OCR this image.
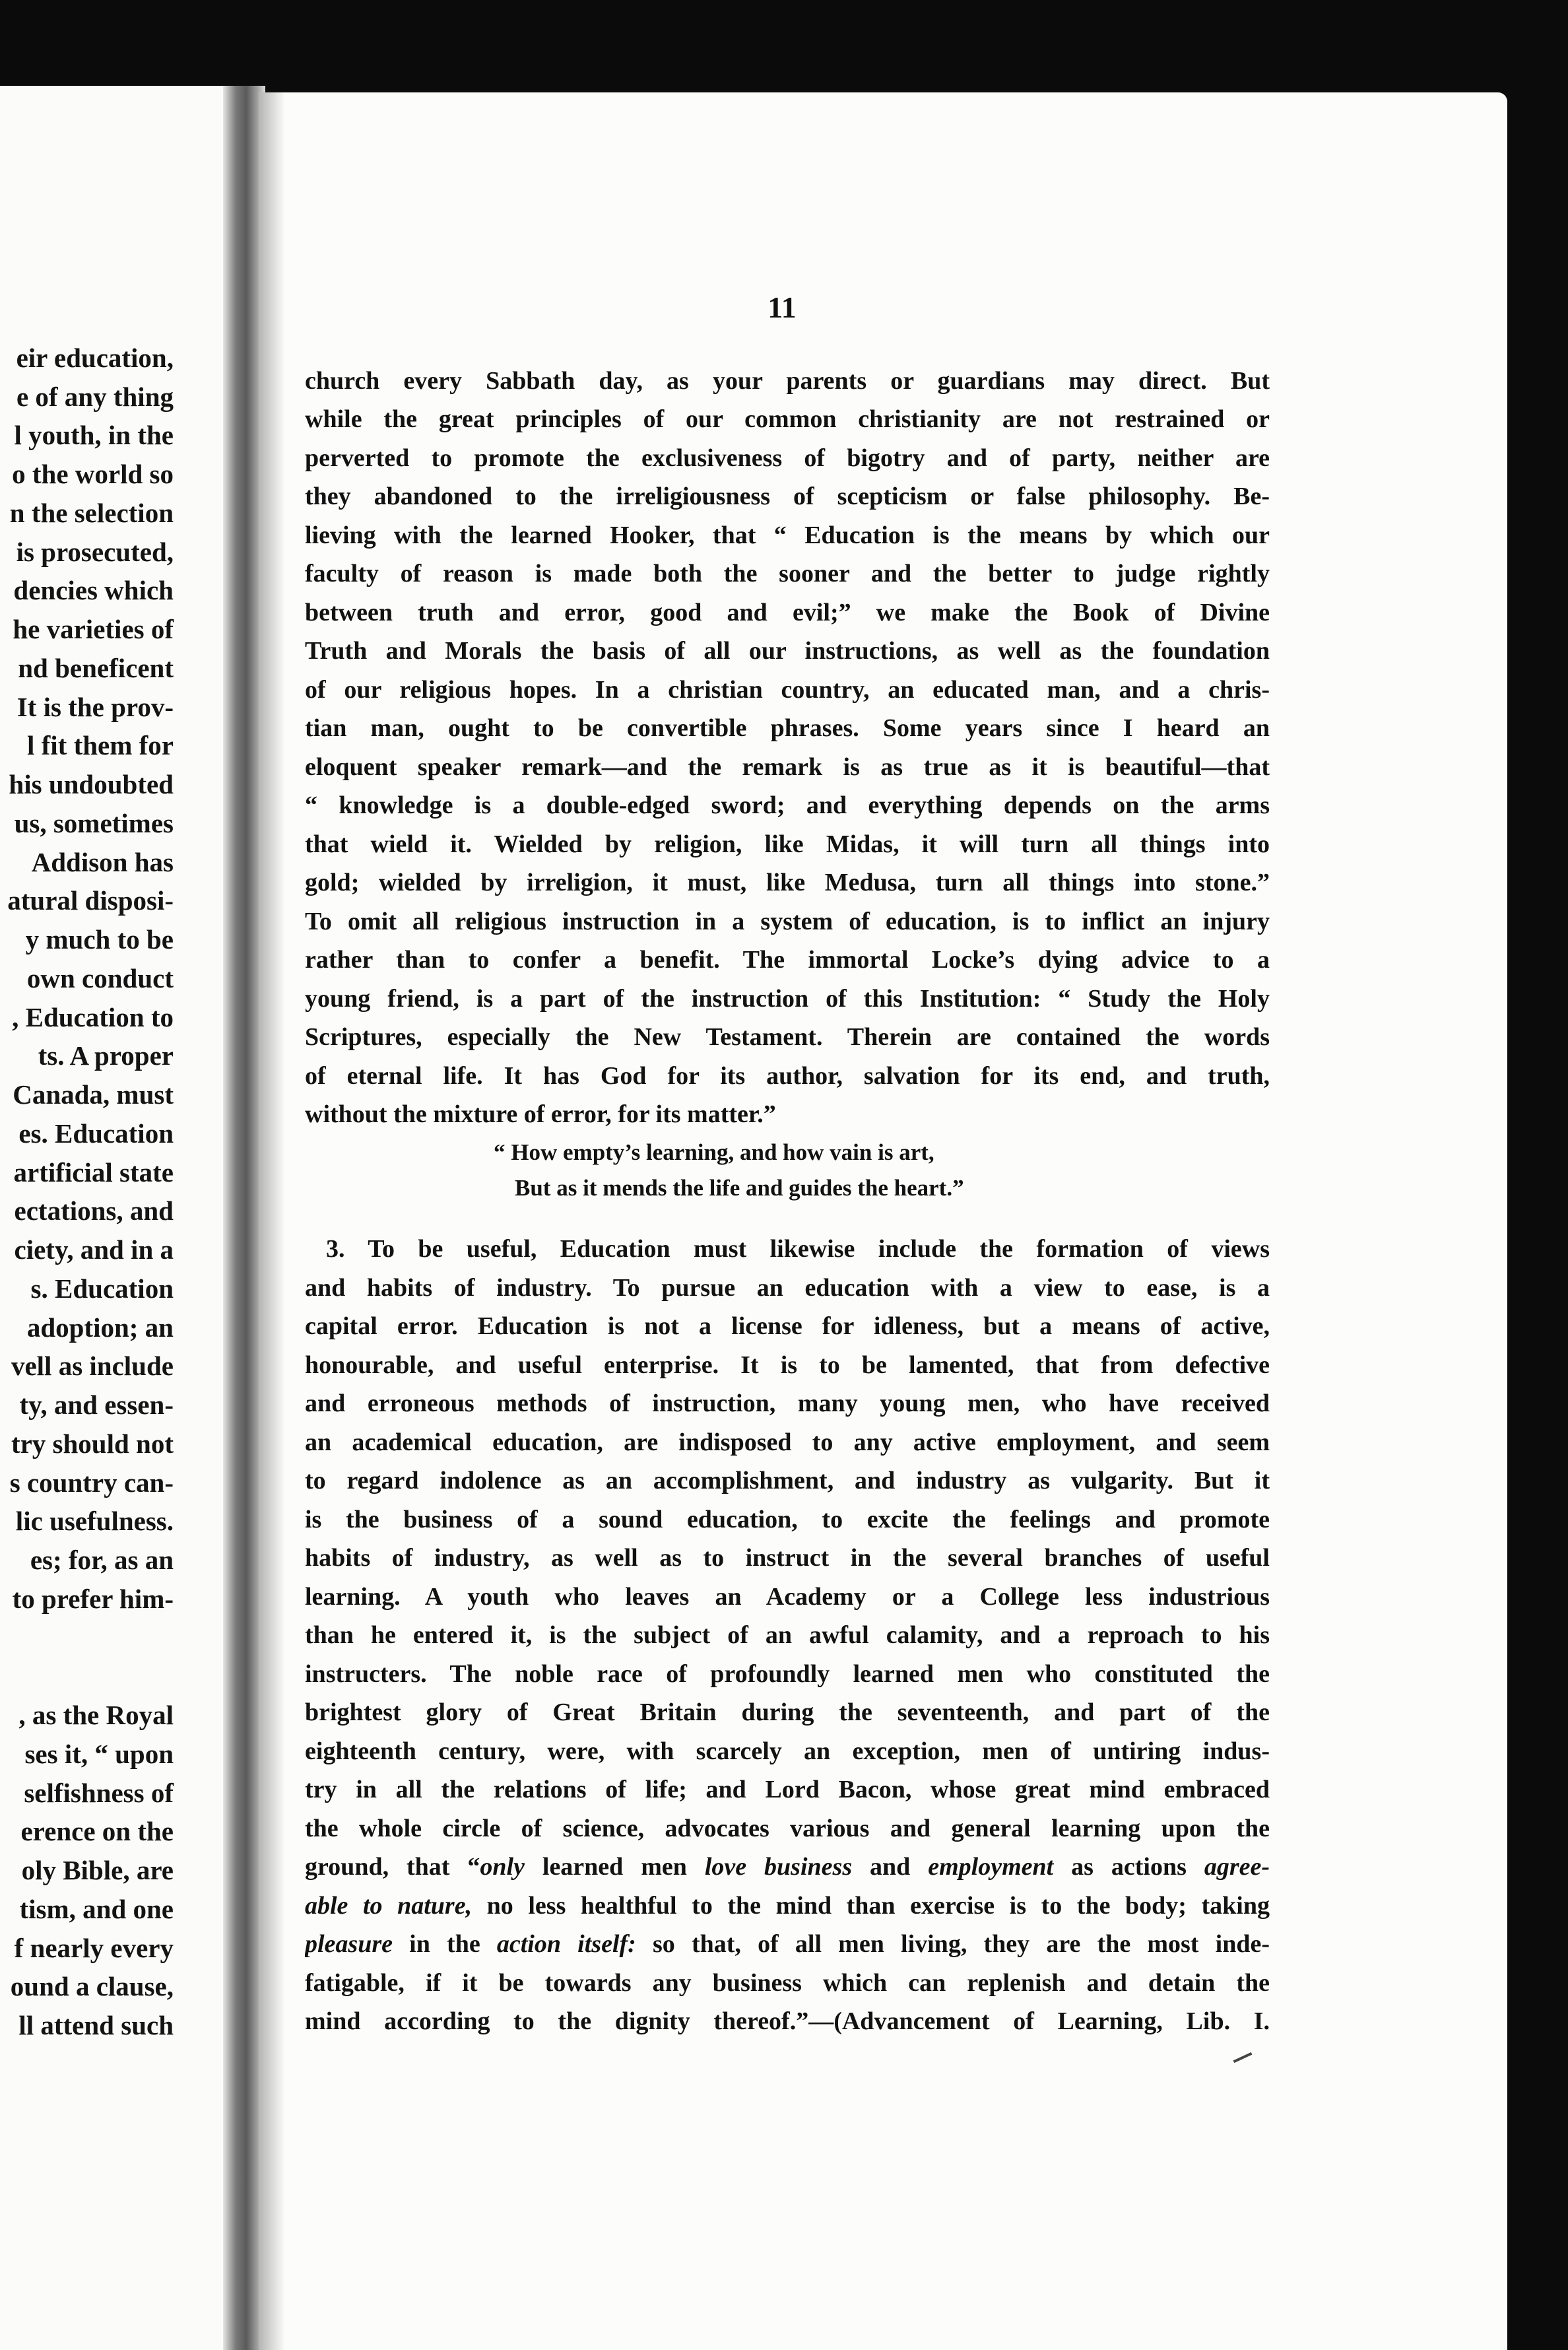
eir education,

e of any thing

l youth, in the

o the world so

n the selection

is prosecuted,

dencies which

he varieties of

nd beneficent

It is the prov-

l fit them for

his undoubted

us, sometimes

Addison has

atural disposi-

y much to be

own conduct

, Education to

ts. A proper

Canada, must

es. Education

artificial state

ectations, and

ciety, and in a

s. Education

adoption; an

vell as include

ty, and essen-

try should not

s country can-

lic usefulness.

es; for, as an

to prefer him-

, as the Royal

ses it, “ upon

selfishness of

erence on the

oly Bible, are

tism, and one

f nearly every

ound a clause,

ll attend such

11

church every Sabbath day, as your parents or guardians may direct. But
while the great principles of our common christianity are not restrained or
perverted to promote the exclusiveness of bigotry and of party, neither are
they abandoned to the irreligiousness of scepticism or false philosophy. Be-
lieving with the learned Hooker, that “ Education is the means by which our
faculty of reason is made both the sooner and the better to judge rightly
between truth and error, good and evil;” we make the Book of Divine
Truth and Morals the basis of all our instructions, as well as the foundation
of our religious hopes. In a christian country, an educated man, and a chris-
tian man, ought to be convertible phrases. Some years since I heard an
eloquent speaker remark—and the remark is as true as it is beautiful—that
“ knowledge is a double-edged sword; and everything depends on the arms
that wield it. Wielded by religion, like Midas, it will turn all things into
gold; wielded by irreligion, it must, like Medusa, turn all things into stone.”
To omit all religious instruction in a system of education, is to inflict an injury
rather than to confer a benefit. The immortal Locke’s dying advice to a
young friend, is a part of the instruction of this Institution: “ Study the Holy
Scriptures, especially the New Testament. Therein are contained the words
of eternal life. It has God for its author, salvation for its end, and truth,
without the mixture of error, for its matter.”
“ How empty’s learning, and how vain is art,
But as it mends the life and guides the heart.”
3. To be useful, Education must likewise include the formation of views
and habits of industry. To pursue an education with a view to ease, is a
capital error. Education is not a license for idleness, but a means of active,
honourable, and useful enterprise. It is to be lamented, that from defective
and erroneous methods of instruction, many young men, who have received
an academical education, are indisposed to any active employment, and seem
to regard indolence as an accomplishment, and industry as vulgarity. But it
is the business of a sound education, to excite the feelings and promote
habits of industry, as well as to instruct in the several branches of useful
learning. A youth who leaves an Academy or a College less industrious
than he entered it, is the subject of an awful calamity, and a reproach to his
instructers. The noble race of profoundly learned men who constituted the
brightest glory of Great Britain during the seventeenth, and part of the
eighteenth century, were, with scarcely an exception, men of untiring indus-
try in all the relations of life; and Lord Bacon, whose great mind embraced
the whole circle of science, advocates various and general learning upon the
ground, that “only learned men love business and employment as actions agree-
able to nature, no less healthful to the mind than exercise is to the body; taking
pleasure in the action itself: so that, of all men living, they are the most inde-
fatigable, if it be towards any business which can replenish and detain the
mind according to the dignity thereof.”—(Advancement of Learning, Lib. I.
